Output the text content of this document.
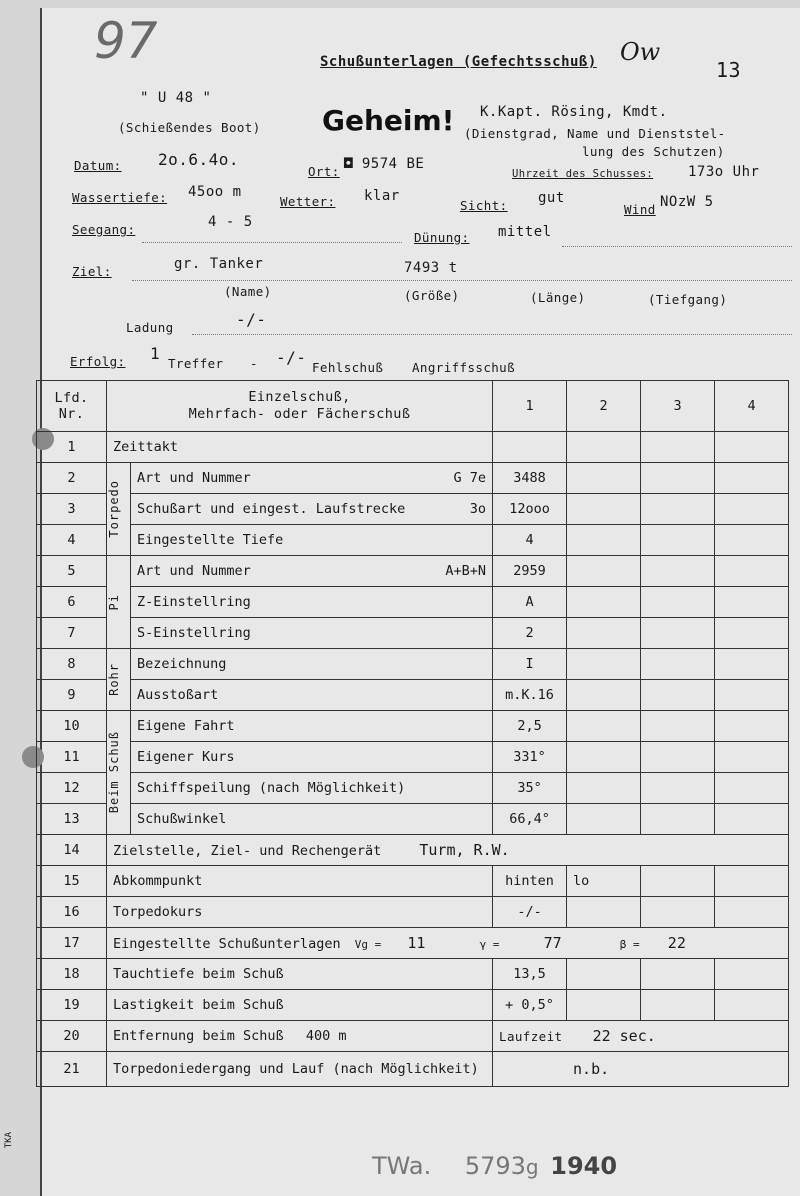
97	Schußunterlagen (Gefechtsschuß) Ow
13
" U 48 "
(Schießendes Boot) Geheim! K.Kapt. Rösing, Kmdt.
(Dienstgrad, Name und Dienststel-
lung des Schutzen)
Datum: 2o.6.4o.
Ort: ◘ 9574 BE
Uhrzeit des Schusses: 173o Uhr
Wassertiefe: 45oo m
Wetter: klar
Sicht: gut
Wind NOzW 5
Seegang:	4 - 5
Dünung: mittel
Ziel:	gr. Tanker	7493 t
(Name)	(Größe)	(Länge)	(Tiefgang)
Ladung	-/-
Erfolg: 1
Treffer - -/-
Fehlschuß Angriffsschuß
Lfd. Nr.	Einzelschuß,
Mehrfach- oder Fächerschuß		1	2	3	4
1	Zeittakt					
2	Torpedo	Art und Nummer G 7e	3488			
3		Schußart und eingest. Laufstrecke 3o	12ooo			
4		Eingestellte Tiefe	4			
5	Pi	Art und Nummer A+B+N	2959			
6		Z-Einstellring	A			
7		S-Einstellring	2			
8	Rohr	Bezeichnung	I			
9		Ausstoßart	m.K.16			
10	Beim Schuß	Eigene Fahrt	2,5			
11		Eigener Kurs	331°			
12		Schiffspeilung (nach Möglichkeit)	35°			
13		Schußwinkel	66,4°			
14	Zielstelle, Ziel- und Rechengerät Turm, R.W.					
15	Abkommpunkt		hinten	lo		
16	Torpedokurs		-/-			
17	Eingestellte Schußunterlagen Vg = 11 γ = 77 β = 22					
18	Tauchtiefe beim Schuß		13,5			
19	Lastigkeit beim Schuß		+ 0,5°			
20	Entfernung beim Schuß 400 m		Laufzeit 22 sec.			
21	Torpedoniedergang und Lauf (nach Möglichkeit)		n.b.			
TWa. 5793g 1940
TKA
